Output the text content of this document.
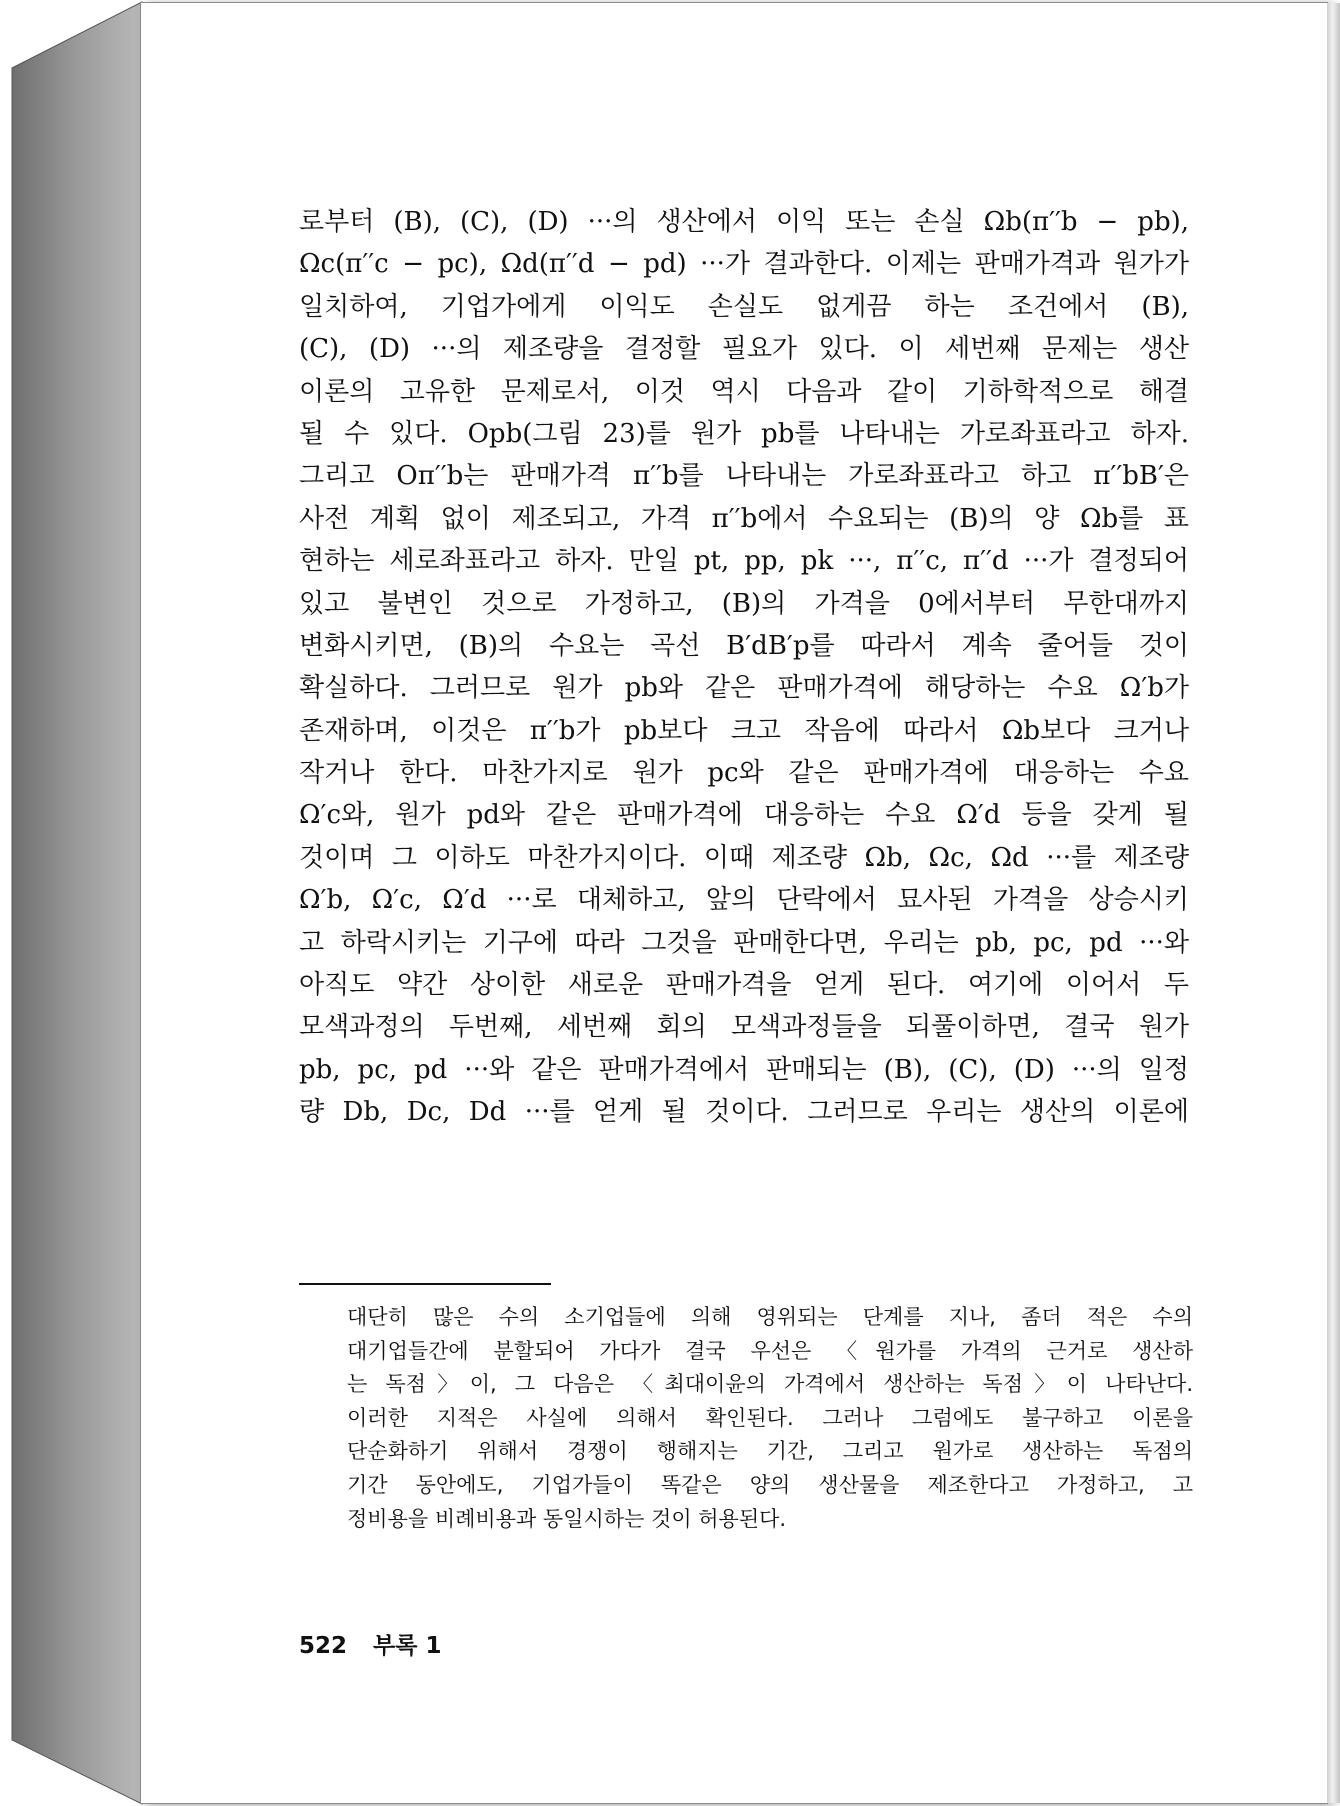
로부터 (B), (C), (D) ···의 생산에서 이익 또는 손실 Ωb(π′′b − pb),
Ωc(π′′c − pc), Ωd(π′′d − pd) ···가 결과한다. 이제는 판매가격과 원가가
일치하여, 기업가에게 이익도 손실도 없게끔 하는 조건에서 (B),
(C), (D) ···의 제조량을 결정할 필요가 있다. 이 세번째 문제는 생산
이론의 고유한 문제로서, 이것 역시 다음과 같이 기하학적으로 해결
될 수 있다. Opb(그림 23)를 원가 pb를 나타내는 가로좌표라고 하자.
그리고 Oπ′′b는 판매가격 π′′b를 나타내는 가로좌표라고 하고 π′′bB′은
사전 계획 없이 제조되고, 가격 π′′b에서 수요되는 (B)의 양 Ωb를 표
현하는 세로좌표라고 하자. 만일 pt, pp, pk ···, π′′c, π′′d ···가 결정되어
있고 불변인 것으로 가정하고, (B)의 가격을 0에서부터 무한대까지
변화시키면, (B)의 수요는 곡선 B′dB′p를 따라서 계속 줄어들 것이
확실하다. 그러므로 원가 pb와 같은 판매가격에 해당하는 수요 Ω′b가
존재하며, 이것은 π′′b가 pb보다 크고 작음에 따라서 Ωb보다 크거나
작거나 한다. 마찬가지로 원가 pc와 같은 판매가격에 대응하는 수요
Ω′c와, 원가 pd와 같은 판매가격에 대응하는 수요 Ω′d 등을 갖게 될
것이며 그 이하도 마찬가지이다. 이때 제조량 Ωb, Ωc, Ωd ···를 제조량
Ω′b, Ω′c, Ω′d ···로 대체하고, 앞의 단락에서 묘사된 가격을 상승시키
고 하락시키는 기구에 따라 그것을 판매한다면, 우리는 pb, pc, pd ···와
아직도 약간 상이한 새로운 판매가격을 얻게 된다. 여기에 이어서 두
모색과정의 두번째, 세번째 회의 모색과정들을 되풀이하면, 결국 원가
pb, pc, pd ···와 같은 판매가격에서 판매되는 (B), (C), (D) ···의 일정
량 Db, Dc, Dd ···를 얻게 될 것이다. 그러므로 우리는 생산의 이론에
대단히 많은 수의 소기업들에 의해 영위되는 단계를 지나, 좀더 적은 수의
대기업들간에 분할되어 가다가 결국 우선은 〈원가를 가격의 근거로 생산하
는 독점〉이, 그 다음은 〈최대이윤의 가격에서 생산하는 독점〉이 나타난다.
이러한 지적은 사실에 의해서 확인된다. 그러나 그럼에도 불구하고 이론을
단순화하기 위해서 경쟁이 행해지는 기간, 그리고 원가로 생산하는 독점의
기간 동안에도, 기업가들이 똑같은 양의 생산물을 제조한다고 가정하고, 고
정비용을 비례비용과 동일시하는 것이 허용된다.
522 부록 1
